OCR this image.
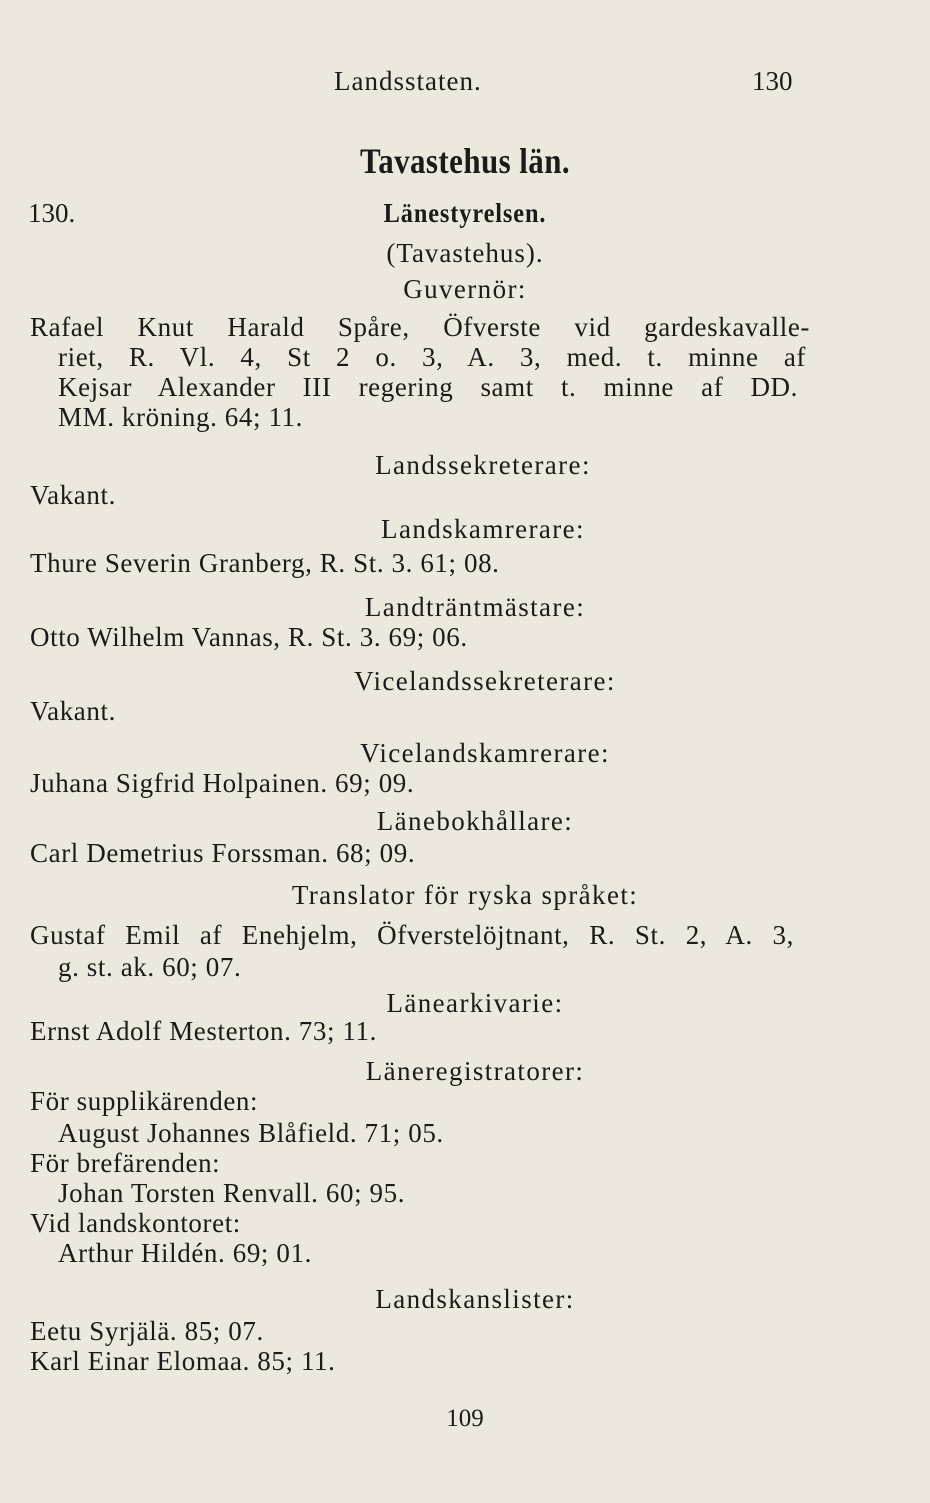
Landsstaten.	130
Tavastehus län.
130.	Länestyrelsen.
(Tavastehus).
Guvernör:
Rafael Knut Harald Spåre, Öfverste vid gardeskavalle-
riet, R. Vl. 4, St 2 o. 3, A. 3, med. t. minne af
Kejsar Alexander III regering samt t. minne af DD.
MM. kröning. 64; 11.
Landssekreterare:
Vakant.
Landskamrerare:
Thure Severin Granberg, R. St. 3. 61; 08.
Landträntmästare:
Otto Wilhelm Vannas, R. St. 3. 69; 06.
Vicelandssekreterare:
Vakant.
Vicelandskamrerare:
Juhana Sigfrid Holpainen. 69; 09.
Länebokhållare:
Carl Demetrius Forssman. 68; 09.
Translator för ryska språket:
Gustaf Emil af Enehjelm, Öfverstelöjtnant, R. St. 2, A. 3,
g. st. ak. 60; 07.
Länearkivarie:
Ernst Adolf Mesterton. 73; 11.
Läneregistratorer:
För supplikärenden:
August Johannes Blåfield. 71; 05.
För brefärenden:
Johan Torsten Renvall. 60; 95.
Vid landskontoret:
Arthur Hildén. 69; 01.
Landskanslister:
Eetu Syrjälä. 85; 07.
Karl Einar Elomaa. 85; 11.
109
